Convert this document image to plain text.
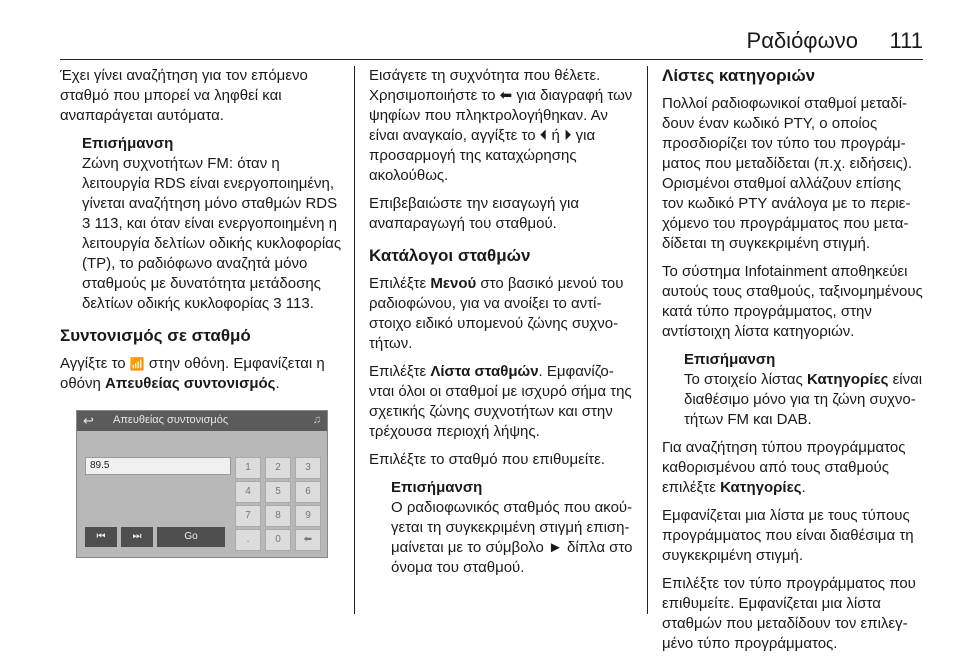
Ραδιόφωνο 111

Έχει γίνει αναζήτηση για τον επόμενο σταθμό που μπορεί να ληφθεί και αναπαράγεται αυτόματα.

Επισήμανση
Ζώνη συχνοτήτων FM: όταν η λειτουργία RDS είναι ενεργοποιημένη, γίνεται αναζήτηση μόνο σταθμών RDS 3 113, και όταν είναι ενεργοποιημένη η λειτουργία δελτίων οδικής κυκλοφορίας (TP), το ραδιόφωνο αναζητά μόνο σταθμούς με δυνατότητα μετάδοσης δελτίων οδικής κυκλοφορίας 3 113.
Συντονισμός σε σταθμό

Αγγίξτε το 📶 στην οθόνη. Εμφανίζεται η οθόνη Απευθείας συντονισμός.

↩ Απευθείας συντονισμός	♫
89.5	1	2	3
4	5	6
7	8	9
.	0	⬅
⏮	⏭	Go

Εισάγετε τη συχνότητα που θέλετε. Χρησιμοποιήστε το ⬅ για διαγραφή των ψηφίων που πληκτρολογήθηκαν. Αν είναι αναγκαίο, αγγίξτε το ⏴ ή ⏵ για προσαρμογή της καταχώρησης ακολούθως.

Επιβεβαιώστε την εισαγωγή για αναπαραγωγή του σταθμού.

Κατάλογοι σταθμών

Επιλέξτε Μενού στο βασικό μενού του ραδιοφώνου, για να ανοίξει το αντίστοιχο ειδικό υπομενού ζώνης συχνοτήτων.

Επιλέξτε Λίστα σταθμών. Εμφανίζονται όλοι οι σταθμοί με ισχυρό σήμα της σχετικής ζώνης συχνοτήτων και στην τρέχουσα περιοχή λήψης.

Επιλέξτε το σταθμό που επιθυμείτε.

Επισήμανση
Ο ραδιοφωνικός σταθμός που ακούγεται τη συγκεκριμένη στιγμή επισημαίνεται με το σύμβολο ► δίπλα στο όνομα του σταθμού.
Λίστες κατηγοριών

Πολλοί ραδιοφωνικοί σταθμοί μεταδίδουν έναν κωδικό PTY, ο οποίος προσδιορίζει τον τύπο του προγράμματος που μεταδίδεται (π.χ. ειδήσεις). Ορισμένοι σταθμοί αλλάζουν επίσης τον κωδικό PTY ανάλογα με το περιεχόμενο του προγράμματος που μεταδίδεται τη συγκεκριμένη στιγμή.

Το σύστημα Infotainment αποθηκεύει αυτούς τους σταθμούς, ταξινομημένους κατά τύπο προγράμματος, στην αντίστοιχη λίστα κατηγοριών.

Επισήμανση
Το στοιχείο λίστας Κατηγορίες είναι διαθέσιμο μόνο για τη ζώνη συχνοτήτων FM και DAB.

Για αναζήτηση τύπου προγράμματος καθορισμένου από τους σταθμούς επιλέξτε Κατηγορίες.

Εμφανίζεται μια λίστα με τους τύπους προγράμματος που είναι διαθέσιμα τη συγκεκριμένη στιγμή.

Επιλέξτε τον τύπο προγράμματος που επιθυμείτε. Εμφανίζεται μια λίστα σταθμών που μεταδίδουν τον επιλεγμένο τύπο προγράμματος.
